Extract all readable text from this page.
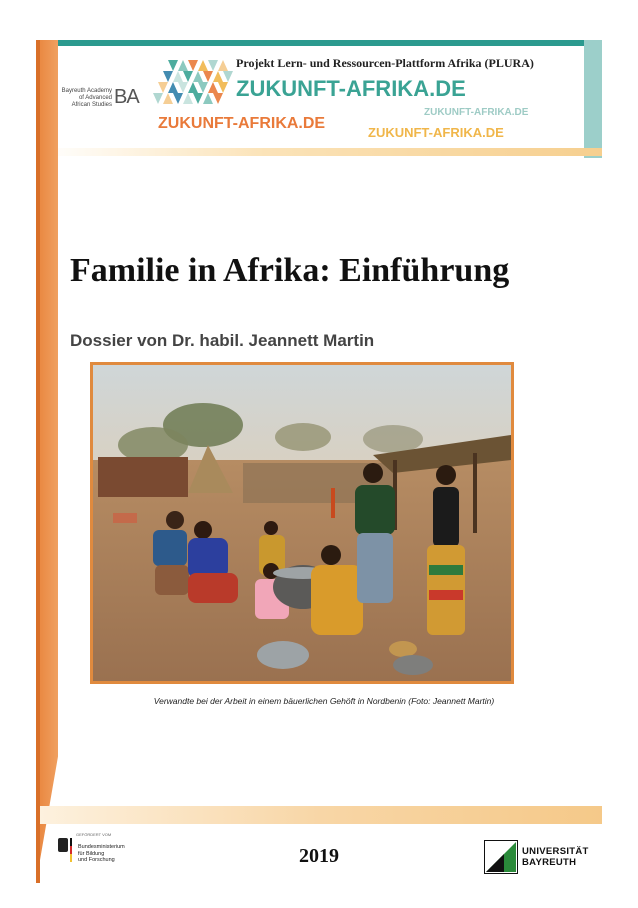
Bayreuth Academy
of Advanced
African Studies BA
Projekt Lern- und Ressourcen-Plattform Afrika (PLURA)
ZUKUNFT-AFRIKA.DE
ZUKUNFT-AFRIKA.DE
ZUKUNFT-AFRIKA.DE
ZUKUNFT-AFRIKA.DE
Familie in Afrika: Einführung
Dossier von Dr. habil. Jeannett Martin
Verwandte bei der Arbeit in einem bäuerlichen Gehöft in Nordbenin (Foto: Jeannett Martin)
GEFÖRDERT VOM
Bundesministerium
für Bildung
und Forschung	2019	UNIVERSITÄT
BAYREUTH
